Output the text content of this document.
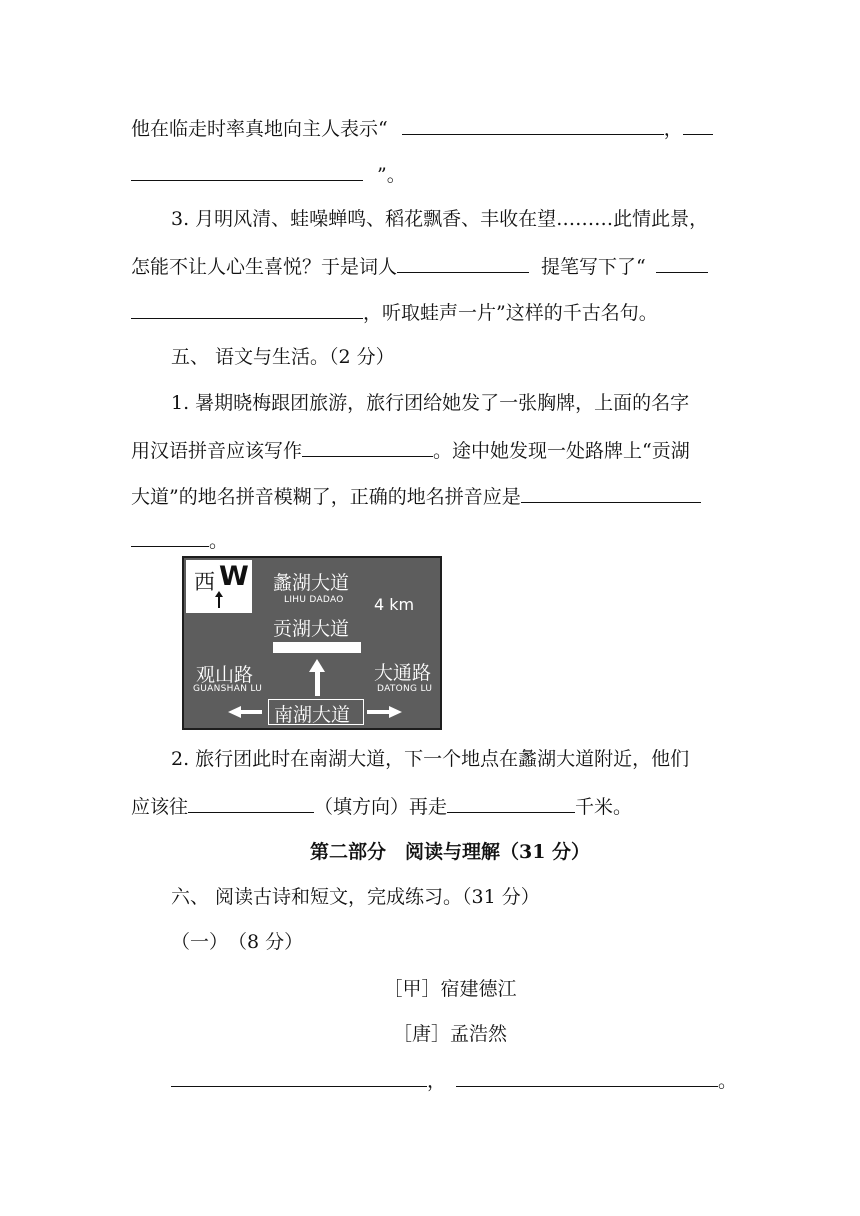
他在临走时率真地向主人表示“	，
”。
3. 月明风清、蛙噪蝉鸣、稻花飘香、丰收在望………此情此景，
怎能不让人心生喜悦？于是词人	提笔写下了“
，听取蛙声一片”这样的千古名句。
五、 语文与生活。（2 分）
1. 暑期晓梅跟团旅游，旅行团给她发了一张胸牌，上面的名字
用汉语拼音应该写作	。途中她发现一处路牌上“贡湖
大道”的地名拼音模糊了，正确的地名拼音应是
。
西 W 蠡湖大道
LIHU DADAO 4 km
贡湖大道
观山路
GUANSHAN LU
大通路
DATONG LU
南湖大道
2. 旅行团此时在南湖大道，下一个地点在蠡湖大道附近，他们
应该往	（填方向）再走	千米。
第二部分　阅读与理解（31 分）
六、 阅读古诗和短文，完成练习。（31 分）
（一）　（8 分）
［甲］宿建德江
［唐］孟浩然
，	。
